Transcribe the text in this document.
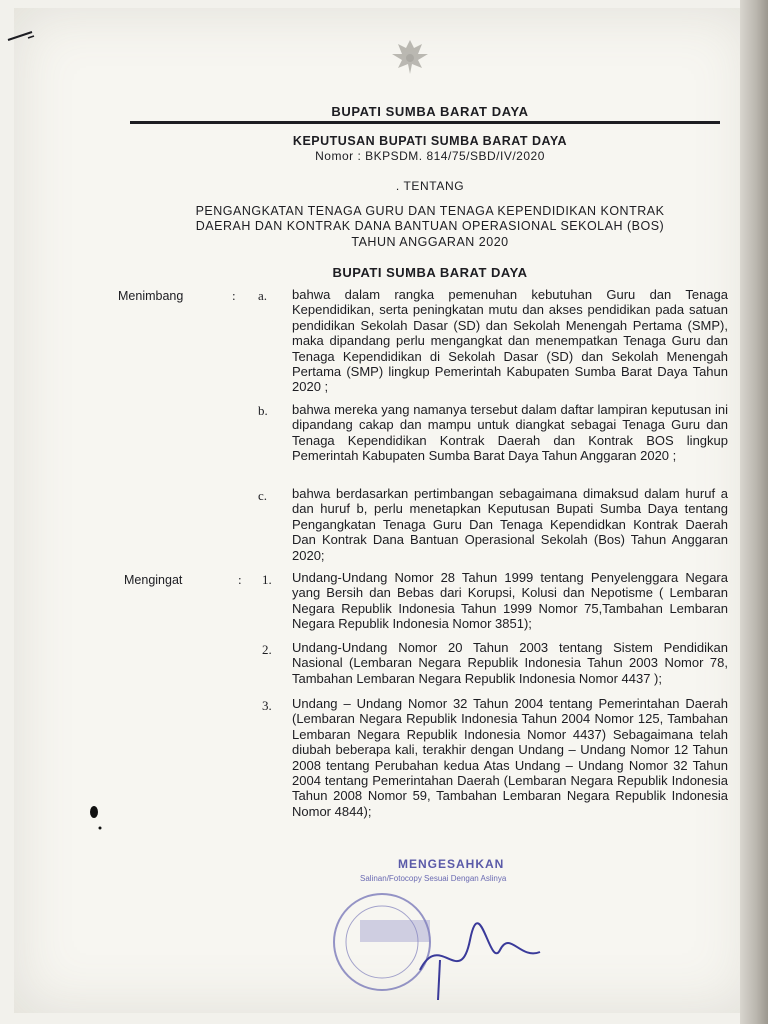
BUPATI SUMBA BARAT DAYA
KEPUTUSAN BUPATI SUMBA BARAT DAYA
Nomor : BKPSDM. 814/75/SBD/IV/2020
. TENTANG
PENGANGKATAN TENAGA GURU DAN TENAGA KEPENDIDIKAN KONTRAK
DAERAH DAN KONTRAK DANA BANTUAN OPERASIONAL SEKOLAH (BOS)
TAHUN ANGGARAN 2020
BUPATI SUMBA BARAT DAYA
Menimbang	: a. bahwa dalam rangka pemenuhan kebutuhan Guru dan Tenaga Kependidikan, serta peningkatan mutu dan akses pendidikan pada satuan pendidikan Sekolah Dasar (SD) dan Sekolah Menengah Pertama (SMP), maka dipandang perlu mengangkat dan menempatkan Tenaga Guru dan Tenaga Kependidikan di Sekolah Dasar (SD) dan Sekolah Menengah Pertama (SMP) lingkup Pemerintah Kabupaten Sumba Barat Daya Tahun 2020 ;
b. bahwa mereka yang namanya tersebut dalam daftar lampiran keputusan ini dipandang cakap dan mampu untuk diangkat sebagai Tenaga Guru dan Tenaga Kependidikan Kontrak Daerah dan Kontrak BOS lingkup Pemerintah Kabupaten Sumba Barat Daya Tahun Anggaran 2020 ;
c. bahwa berdasarkan pertimbangan sebagaimana dimaksud dalam huruf a dan huruf b, perlu menetapkan Keputusan Bupati Sumba Daya tentang Pengangkatan Tenaga Guru Dan Tenaga Kependidkan Kontrak Daerah Dan Kontrak Dana Bantuan Operasional Sekolah (Bos) Tahun Anggaran 2020;
Mengingat	: 1. Undang-Undang Nomor 28 Tahun 1999 tentang Penyelenggara Negara yang Bersih dan Bebas dari Korupsi, Kolusi dan Nepotisme ( Lembaran Negara Republik Indonesia Tahun 1999 Nomor 75,Tambahan Lembaran Negara Republik Indonesia Nomor 3851);
2. Undang-Undang Nomor 20 Tahun 2003 tentang Sistem Pendidikan Nasional (Lembaran Negara Republik Indonesia Tahun 2003 Nomor 78, Tambahan Lembaran Negara Republik Indonesia Nomor 4437 );
3. Undang – Undang Nomor 32 Tahun 2004 tentang Pemerintahan Daerah (Lembaran Negara Republik Indonesia Tahun 2004 Nomor 125, Tambahan Lembaran Negara Republik Indonesia Nomor 4437) Sebagaimana telah diubah beberapa kali, terakhir dengan Undang – Undang Nomor 12 Tahun 2008 tentang Perubahan kedua Atas Undang – Undang Nomor 32 Tahun 2004 tentang Pemerintahan Daerah (Lembaran Negara Republik Indonesia Tahun 2008 Nomor 59, Tambahan Lembaran Negara Republik Indonesia Nomor 4844);
MENGESAHKAN
Salinan/Fotocopy Sesuai Dengan Aslinya
